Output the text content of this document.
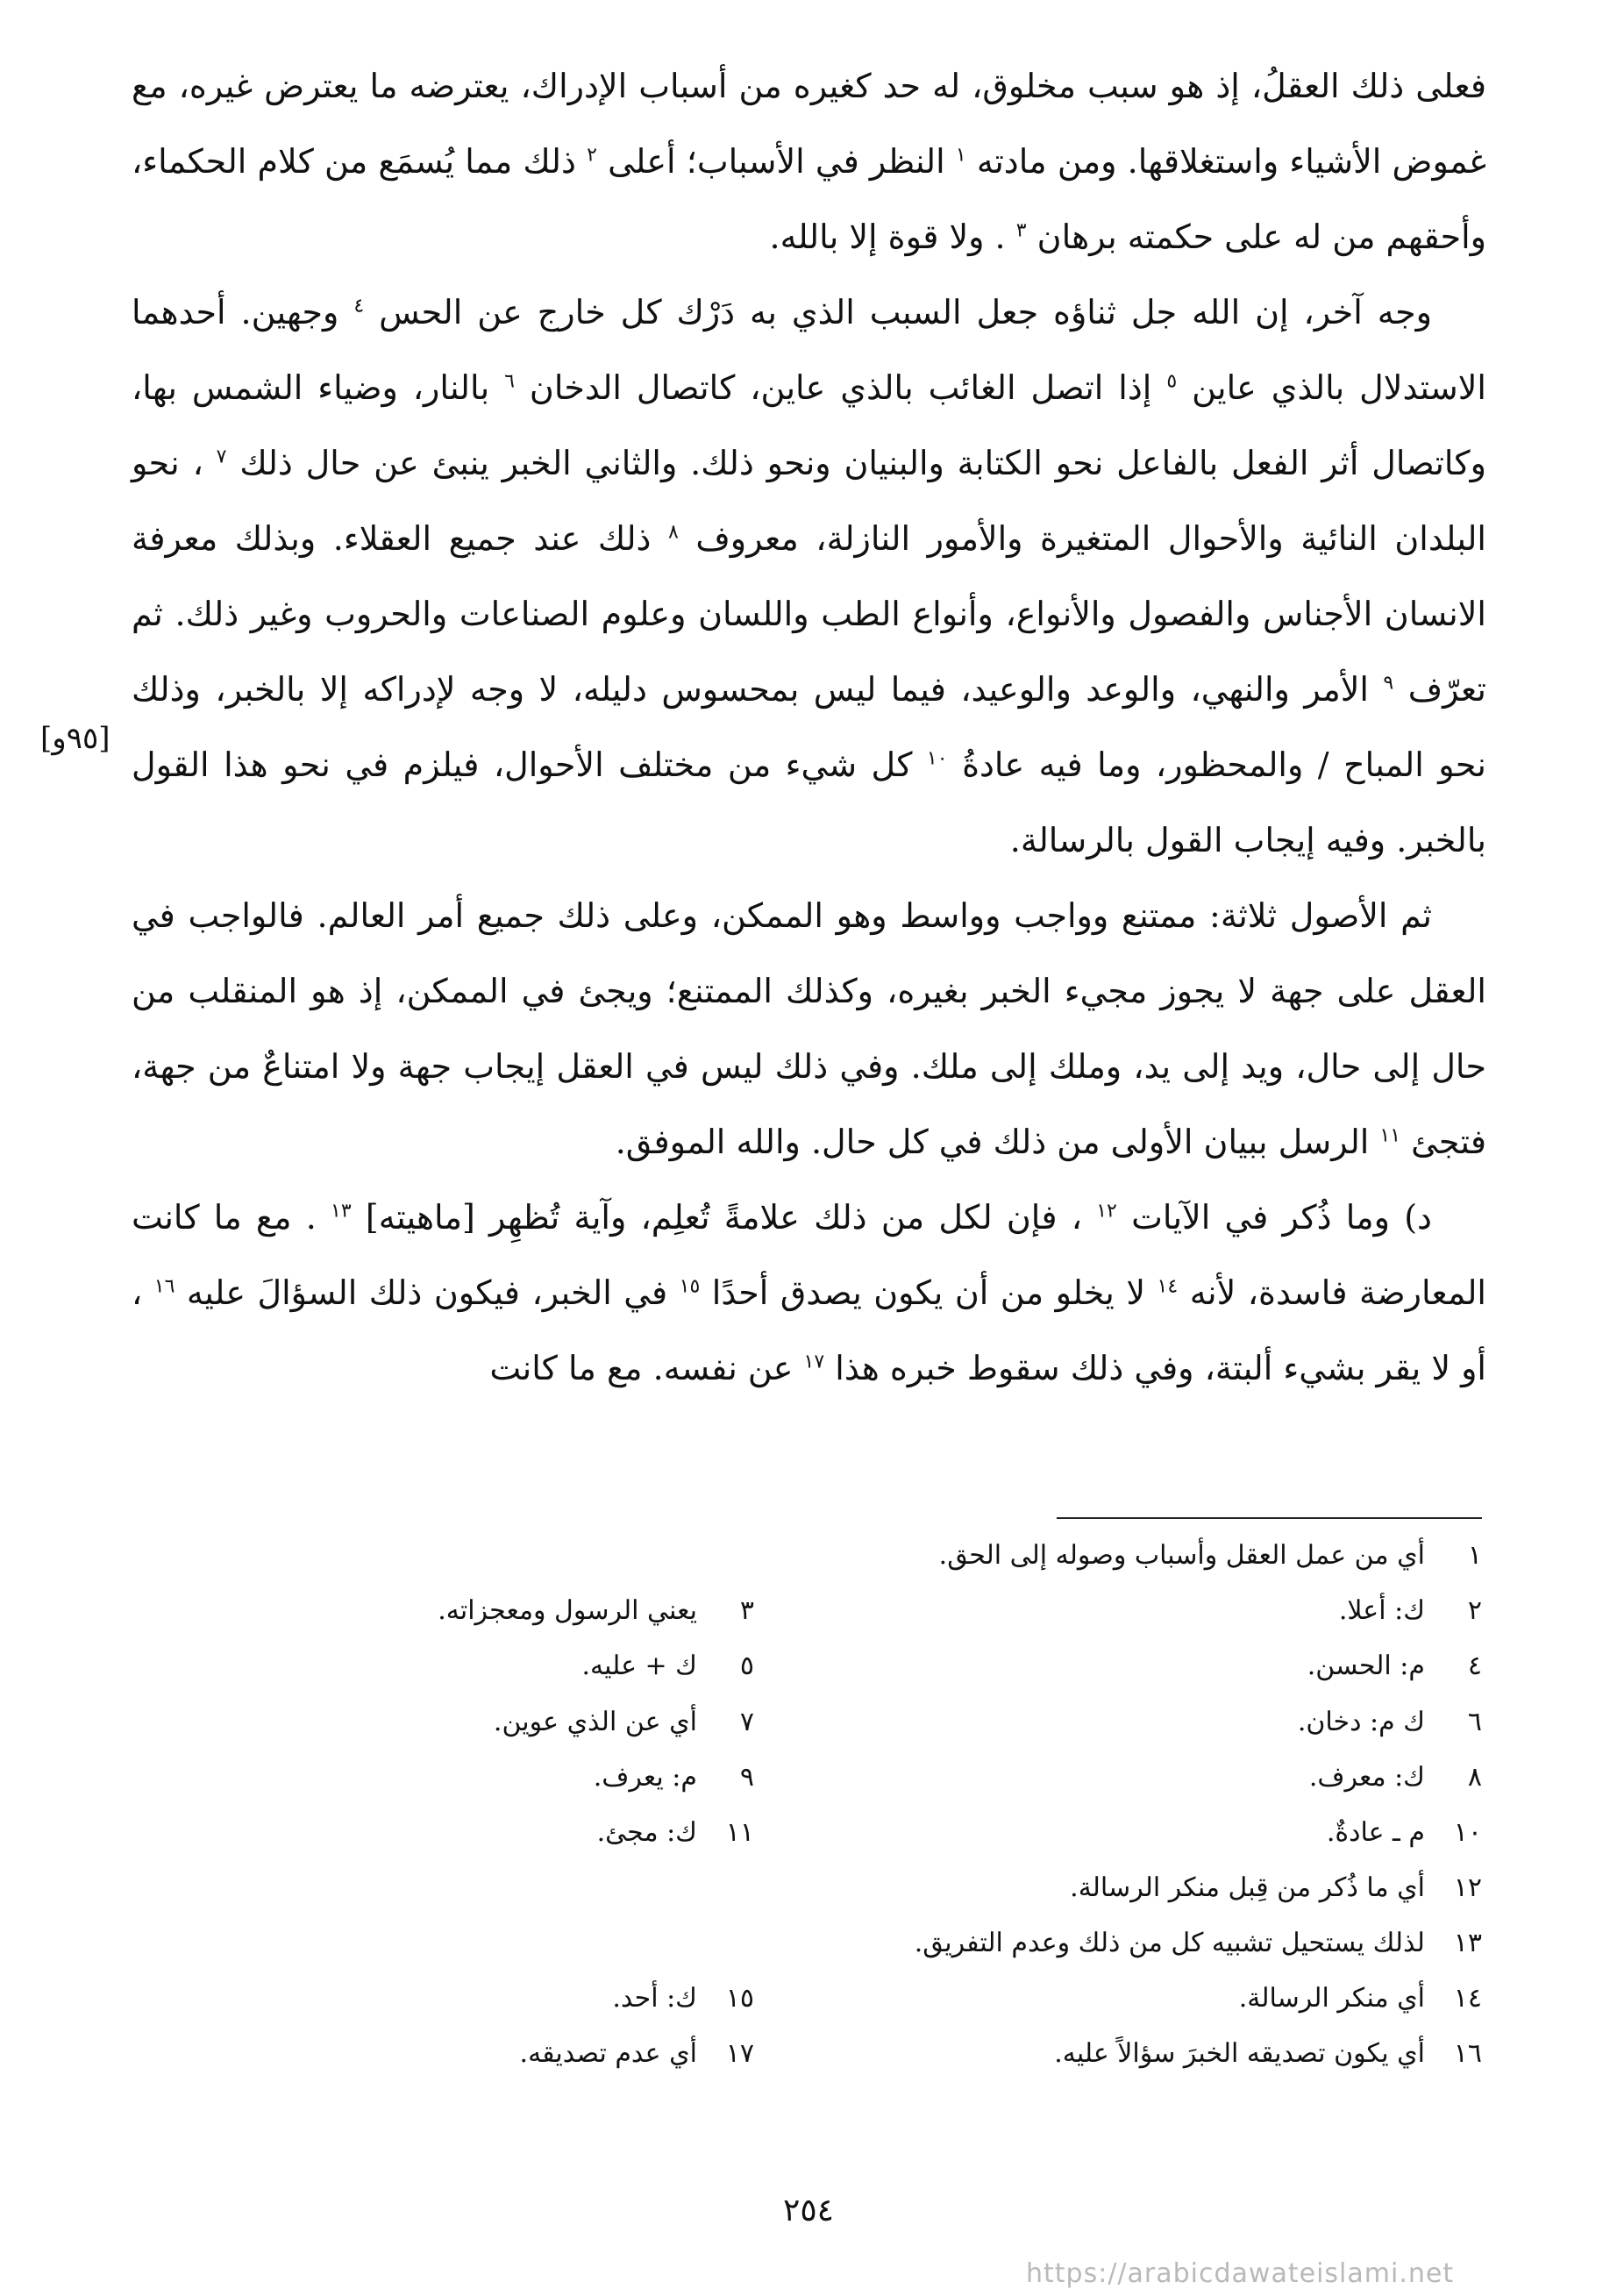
فعلى ذلك العقلُ، إذ هو سبب مخلوق، له حد كغيره من أسباب الإدراك، يعترضه ما يعترض غيره، مع غموض الأشياء واستغلاقها. ومن مادته $^١$ النظر في الأسباب؛ أعلى $^٢$ ذلك مما يُسمَع من كلام الحكماء، وأحقهم من له على حكمته برهان $^٣$ . ولا قوة إلا بالله.

وجه آخر، إن الله جل ثناؤه جعل السبب الذي به دَرْك كل خارج عن الحس $^٤$ وجهين. أحدهما الاستدلال بالذي عاين $^٥$ إذا اتصل الغائب بالذي عاين، كاتصال الدخان $^٦$ بالنار، وضياء الشمس بها، وكاتصال أثر الفعل بالفاعل نحو الكتابة والبنيان ونحو ذلك. والثاني الخبر ينبئ عن حال ذلك $^٧$ ، نحو البلدان النائية والأحوال المتغيرة والأمور النازلة، معروف $^٨$ ذلك عند جميع العقلاء. وبذلك معرفة الانسان الأجناس والفصول والأنواع، وأنواع الطب واللسان وعلوم الصناعات والحروب وغير ذلك. ثم تعرّف $^٩$ الأمر والنهي، والوعد والوعيد، فيما ليس بمحسوس دليله، لا وجه لإدراكه إلا بالخبر، وذلك نحو المباح / والمحظور، وما فيه عادةُ $^{١٠}$ كل شيء من مختلف الأحوال، فيلزم في نحو هذا القول بالخبر. وفيه إيجاب القول بالرسالة.

ثم الأصول ثلاثة: ممتنع وواجب وواسط وهو الممكن، وعلى ذلك جميع أمر العالم. فالواجب في العقل على جهة لا يجوز مجيء الخبر بغيره، وكذلك الممتنع؛ ويجئ في الممكن، إذ هو المنقلب من حال إلى حال، ويد إلى يد، وملك إلى ملك. وفي ذلك ليس في العقل إيجاب جهة ولا امتناعٌ من جهة، فتجئ $^{١١}$ الرسل ببيان الأولى من ذلك في كل حال. والله الموفق.

د) وما ذُكر في الآيات $^{١٢}$ ، فإن لكل من ذلك علامةً تُعلِم، وآية تُظهِر [ماهيته] $^{١٣}$ . مع ما كانت المعارضة فاسدة، لأنه $^{١٤}$ لا يخلو من أن يكون يصدق أحدًا $^{١٥}$ في الخبر، فيكون ذلك السؤالَ عليه $^{١٦}$ ، أو لا يقر بشيء ألبتة، وفي ذلك سقوط خبره هذا $^{١٧}$ عن نفسه. مع ما كانت

[٩٥و]
١  أي من عمل العقل وأسباب وصوله إلى الحق.
٢  ك: أعلا.
٣  يعني الرسول ومعجزاته.
٤  م: الحسن.
٥  ك + عليه.
٦  ك م: دخان.
٧  أي عن الذي عوين.
٨  ك: معرف.
٩  م: يعرف.
١٠  م ـ عادةٌ.
١١  ك: مجئ.
١٢  أي ما ذُكر من قِبل منكر الرسالة.
١٣  لذلك يستحيل تشبيه كل من ذلك وعدم التفريق.
١٤  أي منكر الرسالة.
١٥  ك: أحد.
١٦  أي يكون تصديقه الخبرَ سؤالاً عليه.
١٧  أي عدم تصديقه.
٢٥٤
https://arabicdawateislami.net
